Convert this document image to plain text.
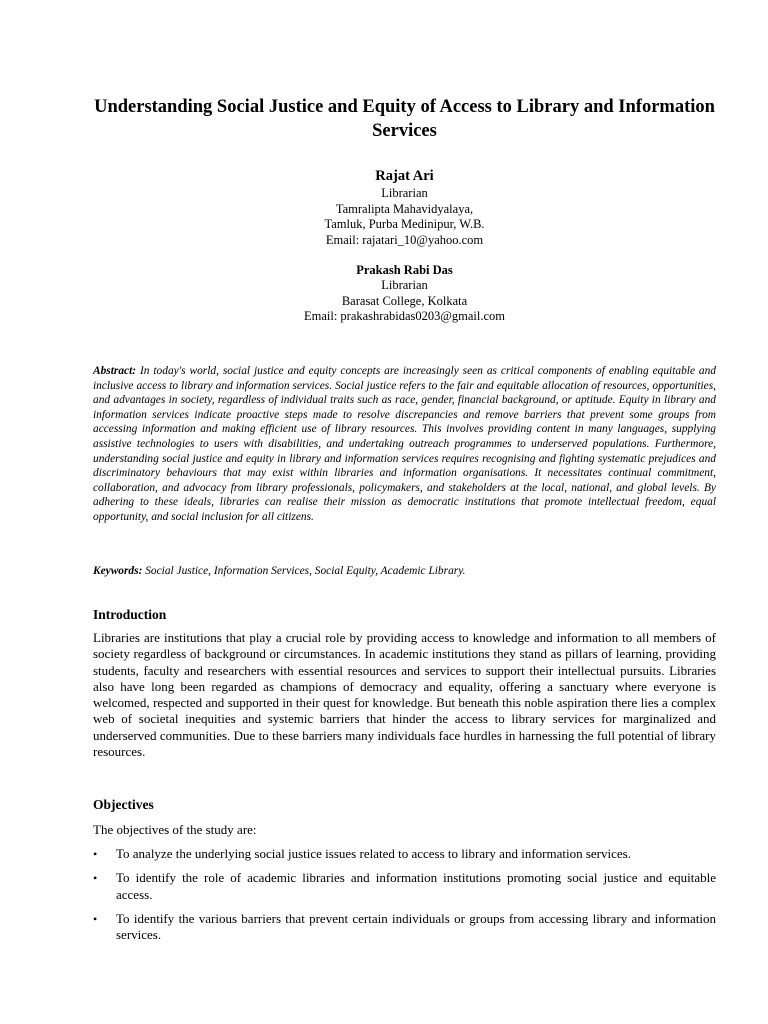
Understanding Social Justice and Equity of Access to Library and Information Services
Rajat Ari
Librarian
Tamralipta Mahavidyalaya,
Tamluk, Purba Medinipur, W.B.
Email: rajatari_10@yahoo.com
Prakash Rabi Das
Librarian
Barasat College, Kolkata
Email: prakashrabidas0203@gmail.com

Abstract: In today's world, social justice and equity concepts are increasingly seen as critical components of enabling equitable and inclusive access to library and information services. Social justice refers to the fair and equitable allocation of resources, opportunities, and advantages in society, regardless of individual traits such as race, gender, financial background, or aptitude. Equity in library and information services indicate proactive steps made to resolve discrepancies and remove barriers that prevent some groups from accessing information and making efficient use of library resources. This involves providing content in many languages, supplying assistive technologies to users with disabilities, and undertaking outreach programmes to underserved populations. Furthermore, understanding social justice and equity in library and information services requires recognising and fighting systematic prejudices and discriminatory behaviours that may exist within libraries and information organisations. It necessitates continual commitment, collaboration, and advocacy from library professionals, policymakers, and stakeholders at the local, national, and global levels. By adhering to these ideals, libraries can realise their mission as democratic institutions that promote intellectual freedom, equal opportunity, and social inclusion for all citizens.

Keywords: Social Justice, Information Services, Social Equity, Academic Library.

Introduction

Libraries are institutions that play a crucial role by providing access to knowledge and information to all members of society regardless of background or circumstances. In academic institutions they stand as pillars of learning, providing students, faculty and researchers with essential resources and services to support their intellectual pursuits. Libraries also have long been regarded as champions of democracy and equality, offering a sanctuary where everyone is welcomed, respected and supported in their quest for knowledge. But beneath this noble aspiration there lies a complex web of societal inequities and systemic barriers that hinder the access to library services for marginalized and underserved communities. Due to these barriers many individuals face hurdles in harnessing the full potential of library resources.

Objectives

The objectives of the study are:

• To analyze the underlying social justice issues related to access to library and information services.
• To identify the role of academic libraries and information institutions promoting social justice and equitable access.
• To identify the various barriers that prevent certain individuals or groups from accessing library and information services.
